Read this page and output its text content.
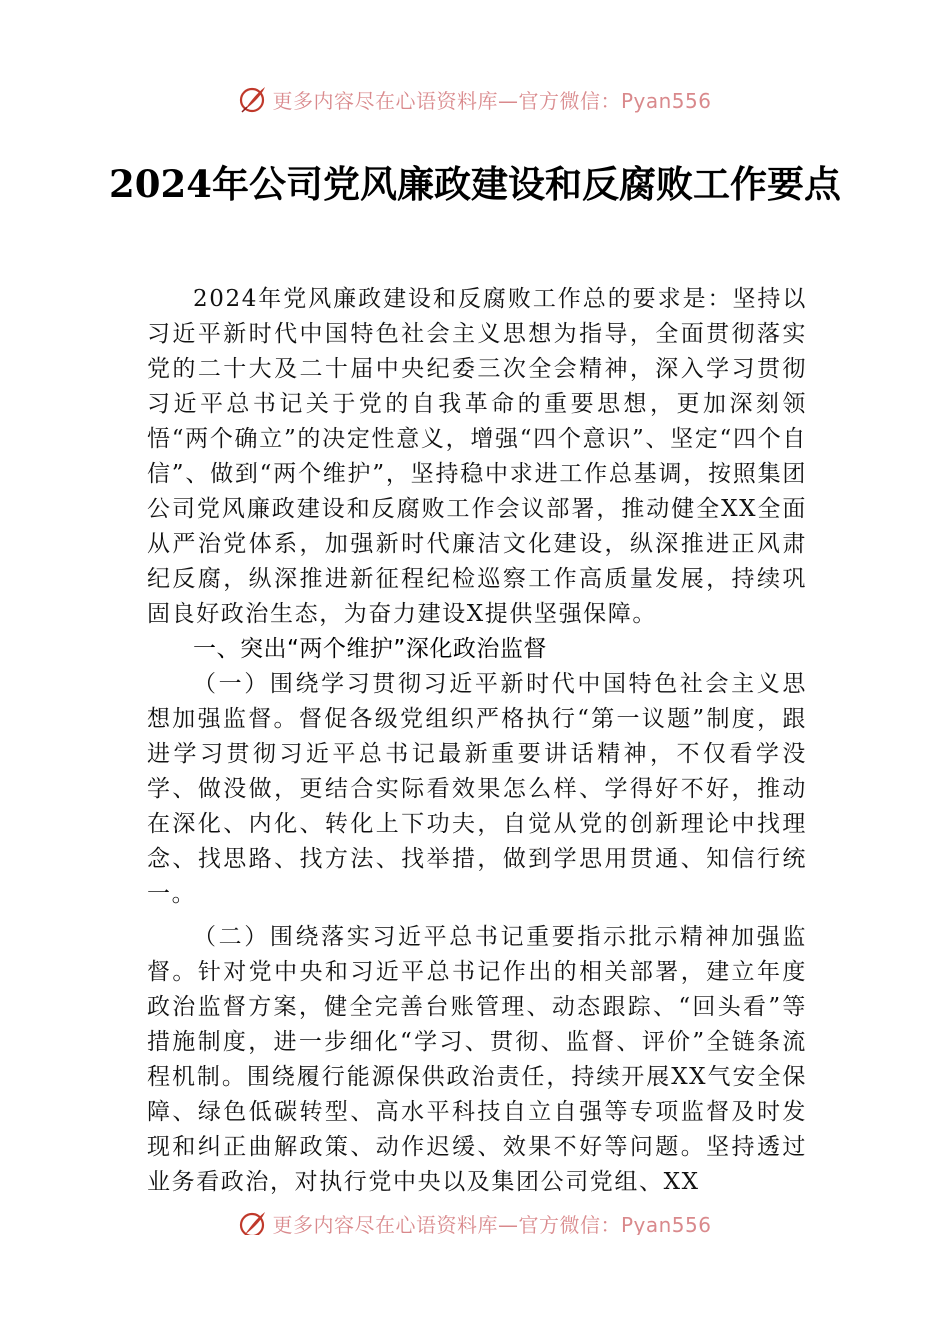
更多内容尽在心语资料库—官方微信：Pyan556
2024年公司党风廉政建设和反腐败工作要点

2024年党风廉政建设和反腐败工作总的要求是：坚持以习近平新时代中国特色社会主义思想为指导，全面贯彻落实党的二十大及二十届中央纪委三次全会精神，深入学习贯彻习近平总书记关于党的自我革命的重要思想，更加深刻领悟“两个确立”的决定性意义，增强“四个意识”、坚定“四个自信”、做到“两个维护”，坚持稳中求进工作总基调，按照集团公司党风廉政建设和反腐败工作会议部署，推动健全XX全面从严治党体系，加强新时代廉洁文化建设，纵深推进正风肃纪反腐，纵深推进新征程纪检巡察工作高质量发展，持续巩固良好政治生态，为奋力建设X提供坚强保障。

一、突出“两个维护”深化政治监督

（一）围绕学习贯彻习近平新时代中国特色社会主义思想加强监督。督促各级党组织严格执行“第一议题”制度，跟进学习贯彻习近平总书记最新重要讲话精神，不仅看学没学、做没做，更结合实际看效果怎么样、学得好不好，推动在深化、内化、转化上下功夫，自觉从党的创新理论中找理念、找思路、找方法、找举措，做到学思用贯通、知信行统一。

（二）围绕落实习近平总书记重要指示批示精神加强监督。针对党中央和习近平总书记作出的相关部署，建立年度政治监督方案，健全完善台账管理、动态跟踪、“回头看”等措施制度，进一步细化“学习、贯彻、监督、评价”全链条流程机制。围绕履行能源保供政治责任，持续开展XX气安全保障、绿色低碳转型、高水平科技自立自强等专项监督及时发现和纠正曲解政策、动作迟缓、效果不好等问题。坚持透过业务看政治，对执行党中央以及集团公司党组、XX

更多内容尽在心语资料库—官方微信：Pyan556
